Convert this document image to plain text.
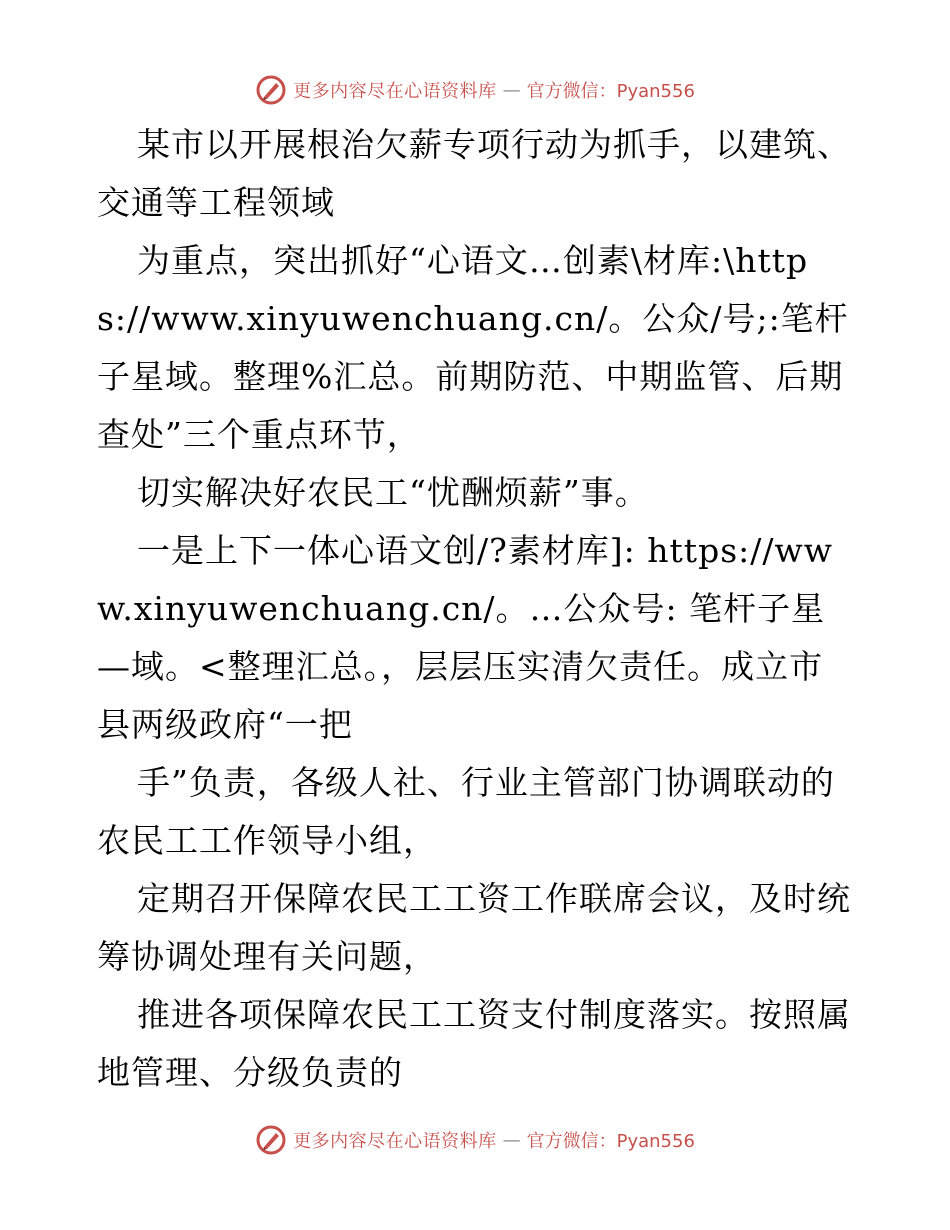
更多内容尽在心语资料库 — 官方微信：Pyan556

某市以开展根治欠薪专项行动为抓手，以建筑、交通等工程领域

为重点，突出抓好“心语文…创素\材库:\https://www.xinyuwenchuang.cn/。公众/号;:笔杆子星域。整理%汇总。前期防范、中期监管、后期查处”三个重点环节，

切实解决好农民工“忧酬烦薪”事。

一是上下一体心语文创/?素材库]: https://www.xinyuwenchuang.cn/。…公众号: 笔杆子星—域。<整理汇总。，层层压实清欠责任。成立市县两级政府“一把

手”负责，各级人社、行业主管部门协调联动的农民工工作领导小组，

定期召开保障农民工工资工作联席会议，及时统筹协调处理有关问题，

推进各项保障农民工工资支付制度落实。按照属地管理、分级负责的

更多内容尽在心语资料库 — 官方微信：Pyan556
